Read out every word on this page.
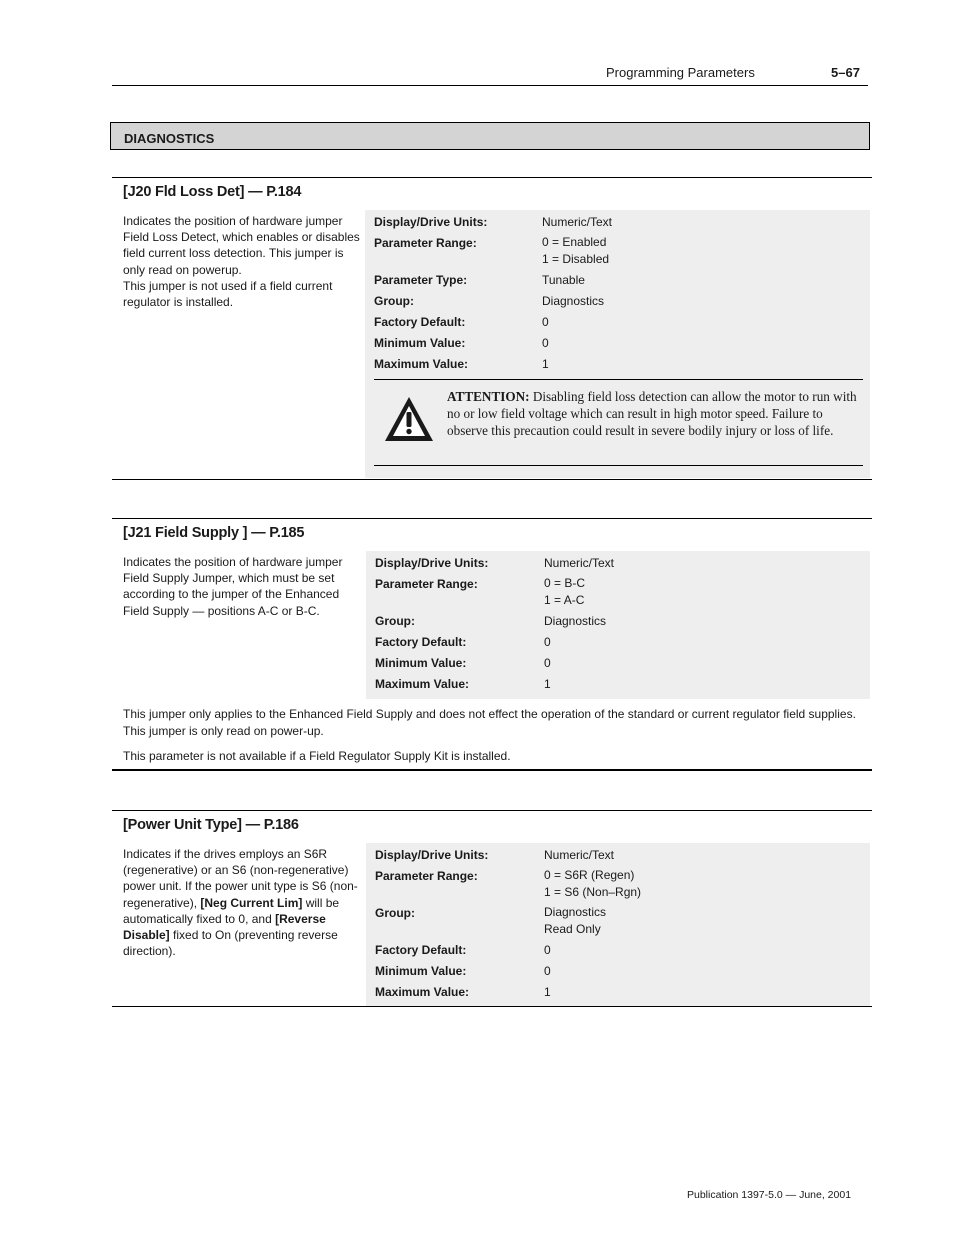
Programming Parameters	5–67
DIAGNOSTICS
[J20 Fld Loss Det] — P.184
Indicates the position of hardware jumper Field Loss Detect, which enables or disables field current loss detection. This jumper is only read on powerup.
This jumper is not used if a field current regulator is installed.
Display/Drive Units:	Numeric/Text
Parameter Range:	0 = Enabled
1 = Disabled
Parameter Type:	Tunable
Group:	Diagnostics
Factory Default:	0
Minimum Value:	0
Maximum Value:	1
ATTENTION: Disabling field loss detection can allow the motor to run with no or low field voltage which can result in high motor speed. Failure to observe this precaution could result in severe bodily injury or loss of life.
[J21 Field Supply ] — P.185
Indicates the position of hardware jumper Field Supply Jumper, which must be set according to the jumper of the Enhanced Field Supply — positions A-C or B-C.
Display/Drive Units:	Numeric/Text
Parameter Range:	0 = B-C
1 = A-C
Group:	Diagnostics
Factory Default:	0
Minimum Value:	0
Maximum Value:	1
This jumper only applies to the Enhanced Field Supply and does not effect the operation of the standard or current regulator field supplies. This jumper is only read on power-up.
This parameter is not available if a Field Regulator Supply Kit is installed.
[Power Unit Type] — P.186
Indicates if the drives employs an S6R (regenerative) or an S6 (non-regenerative) power unit. If the power unit type is S6 (non-regenerative), [Neg Current Lim] will be automatically fixed to 0, and [Reverse Disable] fixed to On (preventing reverse direction).
Display/Drive Units:	Numeric/Text
Parameter Range:	0 = S6R (Regen)
1 = S6 (Non–Rgn)
Group:	Diagnostics
Read Only
Factory Default:	0
Minimum Value:	0
Maximum Value:	1
Publication 1397-5.0 — June, 2001
